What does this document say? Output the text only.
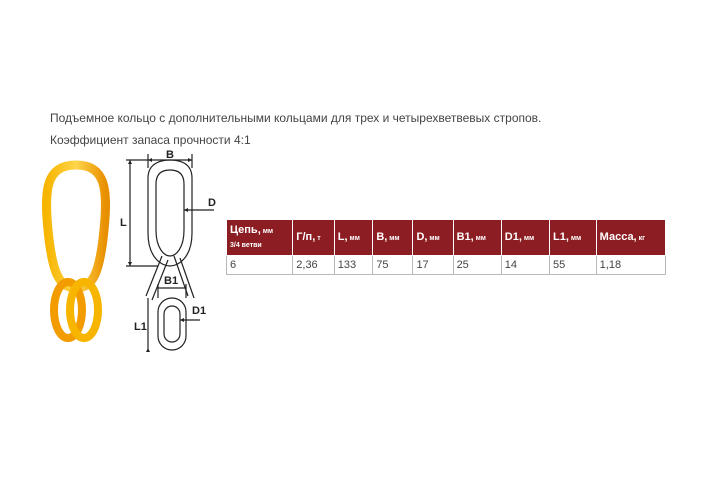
Подъемное кольцо с дополнительными кольцами для трех и четырехветвевых стропов.
Коэффициент запаса прочности 4:1
B
D
L
B1
D1
L1
Цепь, мм
3/4 ветви	Г/п, т	L, мм	B, мм	D, мм	B1, мм	D1, мм	L1, мм	Масса, кг
6	2,36	133	75	17	25	14	55	1,18
